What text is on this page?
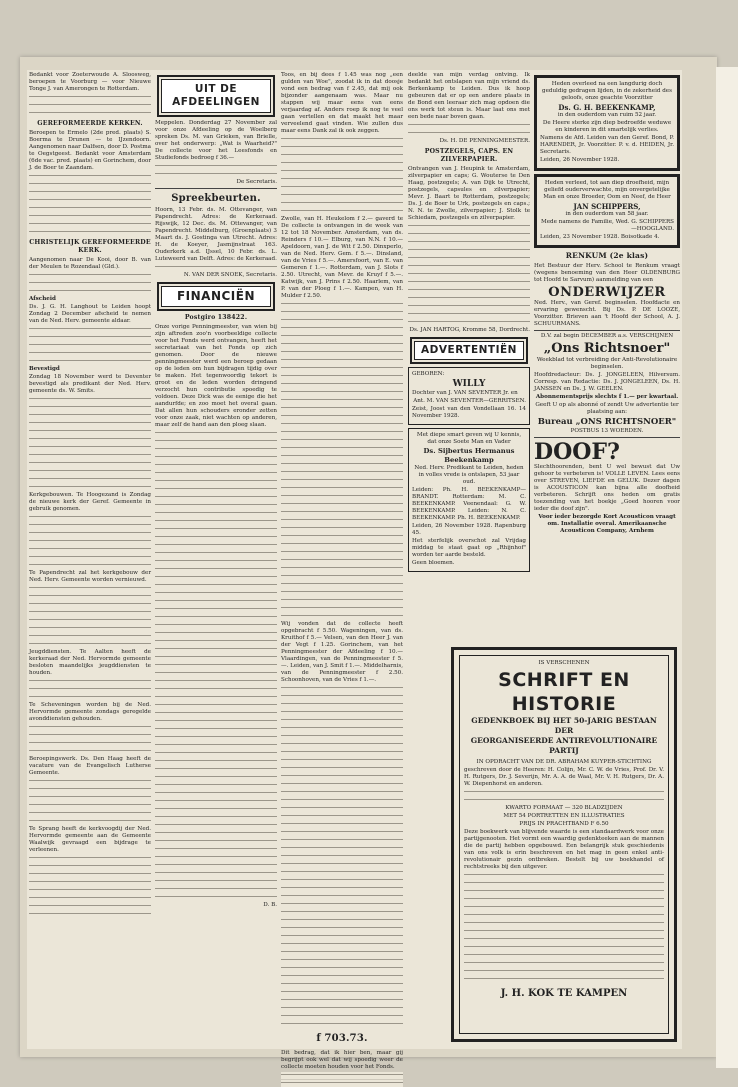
Bedankt voor Zoeterwoude A. Sloosweg, beroepen te Voorburg — voor Nieuwe Tonge J. van Amerongen te Rotterdam.

GEREFORMEERDE KERKEN.

Beroepen te Ermelo (2de pred. plaats) S. Boerma te Drunen — te IJzendoorn. Aangenomen naar Dalfsen, door D. Postma te Oegstgeest. Bedankt voor Amsterdam (6de vac. pred. plaats) en Gorinchem, door J. de Boer te Zaandam.

CHRISTELIJK GEREFORMEERDE KERK.

Aangenomen naar De Kooi, door B. van der Meulen te Rozendaal (Gld.).

Afscheid

Ds. J. G. H. Langhout te Leiden hoopt Zondag 2 December afscheid te nemen van de Ned. Herv. gemeente aldaar.

Bevestigd

Zondag 18 November werd te Deventer bevestigd als predikant der Ned. Herv. gemeente ds. W. Smits.

Kerkgebouwen. Te Hoogezand is Zondag de nieuwe kerk der Geref. Gemeente in gebruik genomen.

Te Papendrecht zal het kerkgebouw der Ned. Herv. Gemeente worden vernieuwd.

Jeugddiensten. Te Aalten heeft de kerkeraad der Ned. Hervormde gemeente besloten maandelijks jeugddiensten te houden.

Te Scheveningen worden bij de Ned. Hervormde gemeente zondags geregelde avonddiensten gehouden.

Beroepingswerk. Ds. Den Haag heeft de vacature van de Evangelisch Lutherse Gemeente.

Te Sprang heeft de kerkvoogdij der Ned. Hervormde gemeente aan de Gemeente Waalwijk gevraagd een bijdrage te verleenen.

UIT DE AFDEELINGEN

Meppelen. Donderdag 27 November zal voor onze Afdeeling op de Woelberg spreken Ds. M. van Grieken, van Brielle, over het onderwerp: „Wat is Waarheid?" De collecte voor het Leesfonds en Studiefonds bedroeg f 36.—

De Secretaris.

Spreekbeurten.

Hoorn, 13 Febr. ds. M. Ottevanger, van Papendrecht. Adres: de Kerkeraad. Rijswijk, 12 Dec. ds. M. Ottevanger, van Papendrecht. Middelburg, (Groenplaats) 3 Maart ds. J. Gostinga van Utrecht. Adres: H. de Koeyer, Jasmijnstraat 163. Ouderkerk a.d. IJssel, 10 Febr. ds. L. Luteweerd van Delft. Adres: de Kerkeraad.

N. VAN DER SNOEK, Secretaris.

FINANCIËN
Postgiro 138422.

Onze vorige Penningmeester, van wien bij zijn aftreden zoo'n voorbeeldige collecte voor het Fonds werd ontvangen, heeft het secretariaat van het Fonds op zich genomen. Door de nieuwe penningmeester werd een beroep gedaan op de leden om hun bijdragen tijdig over te maken. Het tegenwoordig tekort is groot en de leden worden dringend verzocht hun contributie spoedig te voldoen. Deze Dick was de eenige die het aandurfde; en zoo moet het overal gaan. Dat allen hun schouders eronder zetten voor onze zaak, niet wachten op anderen, maar zelf de hand aan den ploeg slaan.

D. B.

Toos, en bij dees f 1.45 was nog „een gulden van Woe", zoodat ik in dat doosje vond een bedrag van f 2.45, dat mij ook bijzonder aangenaam was. Maar nu stappen wij maar eens van eens verjaardag af. Anders roep ik nog te veel gaan vertellen en dat maakt het maar verveelend gaat vinden. Wie zullen dus maar eens Dank zal ik ook zeggen.

Zwolle, van H. Heukelom f 2.— gaverd te De collecte is ontvangen in de week van 12 tot 18 November. Amsterdam, van ds. Reinders f 10.— Elburg, van N.N. f 10.— Apeldoorn, van J. de Wit f 2.50. Dinxperlo, van de Ned. Herv. Gem. f 5.—. Dinsland, van de Vries f 5.—. Amersfoort, van E. van Gemeren f 1.—. Rotterdam, van J. Slots f 2.50. Utrecht, van Mevr. de Kruyf f 5.—. Katwijk, van J. Prins f 2.50. Haarlem, van P. van der Ploeg f 1.—. Kampen, van H. Mulder f 2.50.

Wij vonden dat de collecte heeft opgebracht f 5.50. Wageningen, van ds. Kruithof f 5.— Velsen, van den Heer J. van der Vegt f 1.25. Gorinchem, van het Penningmeester der Afdeeling f 10.— Vlaardingen, van de Penningmeester f 5.—. Leiden, van J. Smit f 1.—. Middelharnis, van de Penningmeester f 2.50. Schoonhoven, van de Vries f 1.—.

f 703.73.

Dit bedrag, dat ik hier ben, maar gij begrijpt ook wel dat wij spoedig weer de collecte moeten houden voor het Fonds.

deelde van mijn verdag ontving. Ik bedankt het ontslapen van mijn vriend ds. Berkenkamp te Leiden. Dus ik hoop gebeuren dat er op een andere plaats in de Bond een leeraar zich mag opdoen die ons werk tot steun is. Maar laat ons met een bede naar boven gaan.

Ds. H. DE PENNINGMEESTER.

POSTZEGELS, CAPS. EN ZILVERPAPIER.

Ontvangen van J. Heupink te Amsterdam, zilverpapier en caps; G. Wouterse te Den Haag, postzegels; A. van Dijk te Utrecht, postzegels, capsules en zilverpapier; Mevr. J. Baart te Rotterdam, postzegels; Ds. J. de Boer te Urk, postzegels en caps.; N. N. te Zwolle, zilverpapier; J. Stolk te Schiedam, postzegels en zilverpapier.

Ds. JAN HARTOG, Kromme 58, Dordrecht.

ADVERTENTIËN

GEBOREN:

WILLY

Dochter van J. VAN SEVENTER Jr. en

Ant. M. VAN SEVENTER—GERRITSEN.

Zeist, Joost van den Vondellaan 16. 14 November 1928.

Met diepe smart geven wij U kennis, dat onze Soete Man en Vader

Ds. Sijbertus Hermanus Beekenkamp

Ned. Herv. Predikant te Leiden, heden in volles vrede is ontslapen, 53 jaar oud.

Leiden: Ph. H. BEEKENKAMP—BRANDT. Rotterdam: M. C. BEEKENKAMP. Veenendaal: G. W. BEEKENKAMP. Leiden: N. C. BEEKENKAMP. Ph. H. BEEKENKAMP.

Leiden, 26 November 1928. Rapenburg 45.

Het sterfelijk overschot zal Vrijdag middag te staat gaat op „Rhijnhof" worden ter aarde besteld.

Geen bloemen.

Heden overleed na een langdurig doch geduldig gedragen lijden, in de zekerheid des geloofs, onze geachte Voorzitter

Ds. G. H. BEEKENKAMP,

in den ouderdom van ruim 52 jaar.

De Heere sterke zijn diep bedroefde weduwe en kinderen in dit smartelijk verlies.

Namens de Afd. Leiden van den Geref. Bond, P. HARENDER, Jr. Voorzitter. P. v. d. HEIDEN, Jr. Secretaris.

Leiden, 26 November 1928.

Heden verleed, tot aan diep droefheid, mijn geliefd ouderverwachte, mijn onvergetelijke Man en onze Broeder, Oom en Neef, de Heer

JAN SCHIPPERS,

in den ouderdom van 58 jaar.

Mede namens de Familie, Wed. G. SCHIPPERS—HOOGLAND.

Leiden, 23 November 1928. Boisotkade 4.

RENKUM (2e klas)

Het Bestuur der Herv. School te Renkum vraagt (wegens benoeming van den Heer OLDENBURG tot Hoofd te Sarvum) aanmelding van een

ONDERWIJZER

Ned. Herv., van Geref. beginselen. Hoofdacte en ervaring gewenscht. Bij Ds. P. DE LOOZE, Voorzitter. Brieven aan 't Hoofd der School, A. J. SCHUURMANS.

D.V. zal begin DECEMBER a.s. VERSCHIJNEN

„Ons Richtsnoer"

Weekblad tot verbreiding der Anti-Revolutionaire beginselen.

Hoofdredacteur: Ds. J. JONGELEEN, Hilversum. Corresp. van Redactie: Ds. J. JONGELEEN, Ds. H. JANSSEN en Ds. J. W. GEELEN.

Abonnementsprijs slechts f 1.— per kwartaal.

Geeft U op als abonné of zendt Uw advertentie ter plaatsing aan:

Bureau „ONS RICHTSNOER"

POSTBUS 13 WOERDEN.

DOOF?

Slechthoorenden, bent U wel bewust dat Uw gehoor te verbeteren is! VOLLE LEVEN. Lees eens over STREVEN, LIEFDE en GELUK. Dezer dagen is ACOUSTICON kan bijna alle doofheid verbeteren. Schrijft ons heden om gratis toezending van het boekje „Goed hooren voor ieder die doof zijn".

Voor ieder bezorgde Kort Acousticon vraagt om. Installatie overal. Amerikaansche Acousticon Company, Arnhem

IS VERSCHENEN

SCHRIFT EN HISTORIE
GEDENKBOEK BIJ HET 50-JARIG BESTAAN DER
GEORGANISEERDE ANTIREVOLUTIONAIRE PARTIJ

IN OPDRACHT VAN DE DR. ABRAHAM KUYPER-STICHTING

geschreven door de Heeren: H. Colijn, Mr. C. W. de Vries, Prof. Dr. V. H. Rutgers, Dr. J. Severijn, Mr. A. A. de Waal, Mr. V. H. Rutgers, Dr. A. W. Diepenhorst en anderen.

KWARTO FORMAAT — 320 BLADZIJDEN

MET 54 PORTRETTEN EN ILLUSTRATIES

PRIJS IN PRACHTBAND F 6.50

Deze boekwerk van blijvende waarde is een standaardwerk voor onze partijgenooten. Het vormt een waardig gedenkteeken aan de mannen die de partij hebben opgebouwd. Een belangrijk stuk geschiedenis van ons volk is erin beschreven en het mag in geen enkel anti-revolutionair gezin ontbreken. Bestelt bij uw boekhandel of rechtstreeks bij den uitgever.

J. H. KOK TE KAMPEN
